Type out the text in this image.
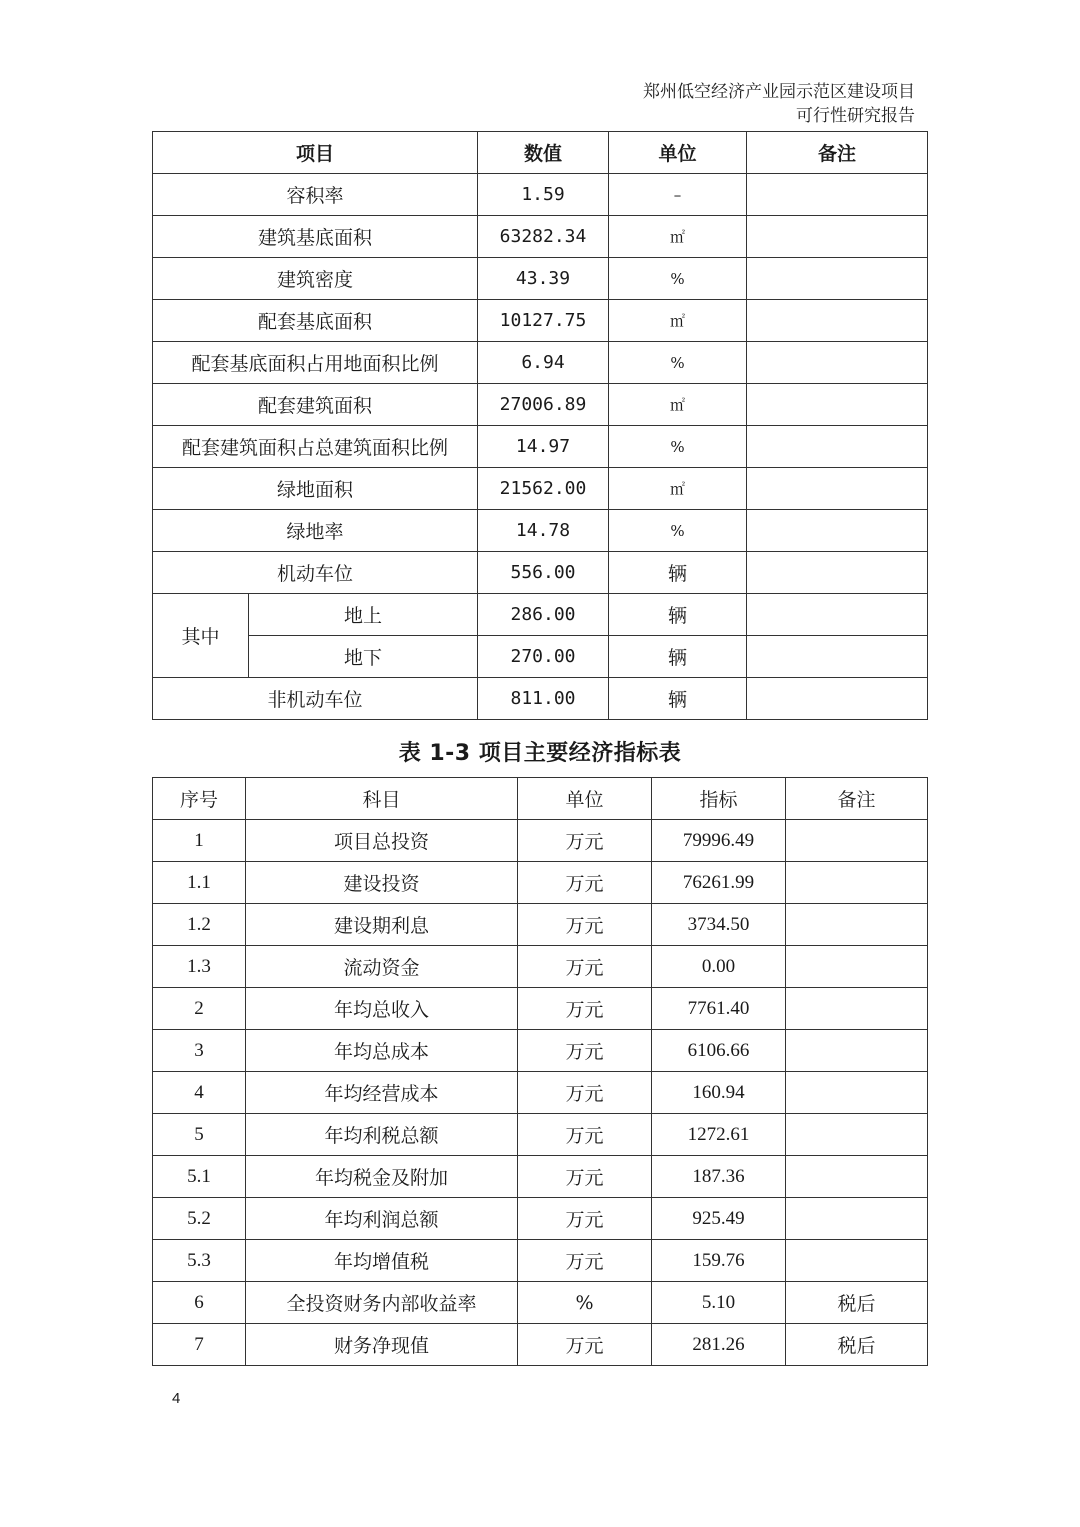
郑州低空经济产业园示范区建设项目
可行性研究报告
项目		数值	单位	备注
容积率		1.59	–	
建筑基底面积		63282.34	㎡	
建筑密度		43.39	%	
配套基底面积		10127.75	㎡	
配套基底面积占用地面积比例		6.94	%	
配套建筑面积		27006.89	㎡	
配套建筑面积占总建筑面积比例		14.97	%	
绿地面积		21562.00	㎡	
绿地率		14.78	%	
机动车位		556.00	辆	
其中	地上	286.00	辆	
	地下	270.00	辆	
非机动车位		811.00	辆	
表 1-3 项目主要经济指标表
序号	科目	单位	指标	备注
1	项目总投资	万元	79996.49	
1.1	建设投资	万元	76261.99	
1.2	建设期利息	万元	3734.50	
1.3	流动资金	万元	0.00	
2	年均总收入	万元	7761.40	
3	年均总成本	万元	6106.66	
4	年均经营成本	万元	160.94	
5	年均利税总额	万元	1272.61	
5.1	年均税金及附加	万元	187.36	
5.2	年均利润总额	万元	925.49	
5.3	年均增值税	万元	159.76	
6	全投资财务内部收益率	%	5.10	税后
7	财务净现值	万元	281.26	税后
4
